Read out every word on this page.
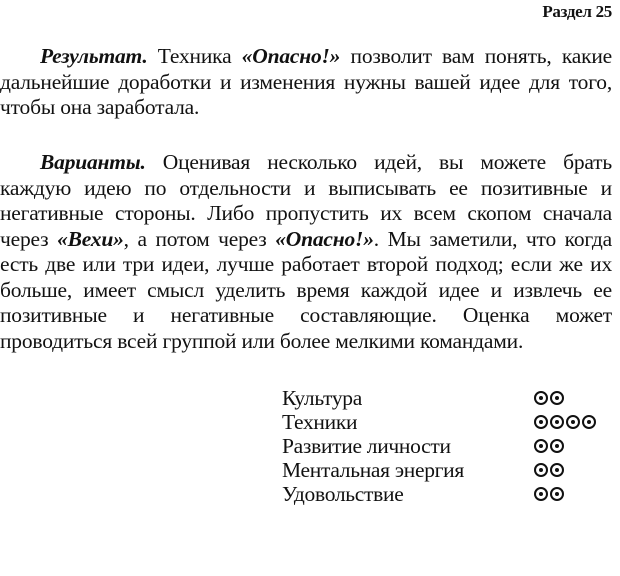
Раздел 25

Результат. Техника «Опасно!» позволит вам понять, какие дальнейшие доработки и изменения нужны вашей идее для того, чтобы она заработала.

Варианты. Оценивая несколько идей, вы можете брать каждую идею по отдельности и выписывать ее позитивные и негативные стороны. Либо пропустить их всем скопом сначала через «Вехи», а потом через «Опасно!». Мы заметили, что когда есть две или три идеи, лучше работает второй подход; если же их больше, имеет смысл уделить время каждой идее и извлечь ее позитивные и негативные составляющие. Оценка может проводиться всей группой или более мелкими командами.

Культура
Техники
Развитие личности
Ментальная энергия
Удовольствие
